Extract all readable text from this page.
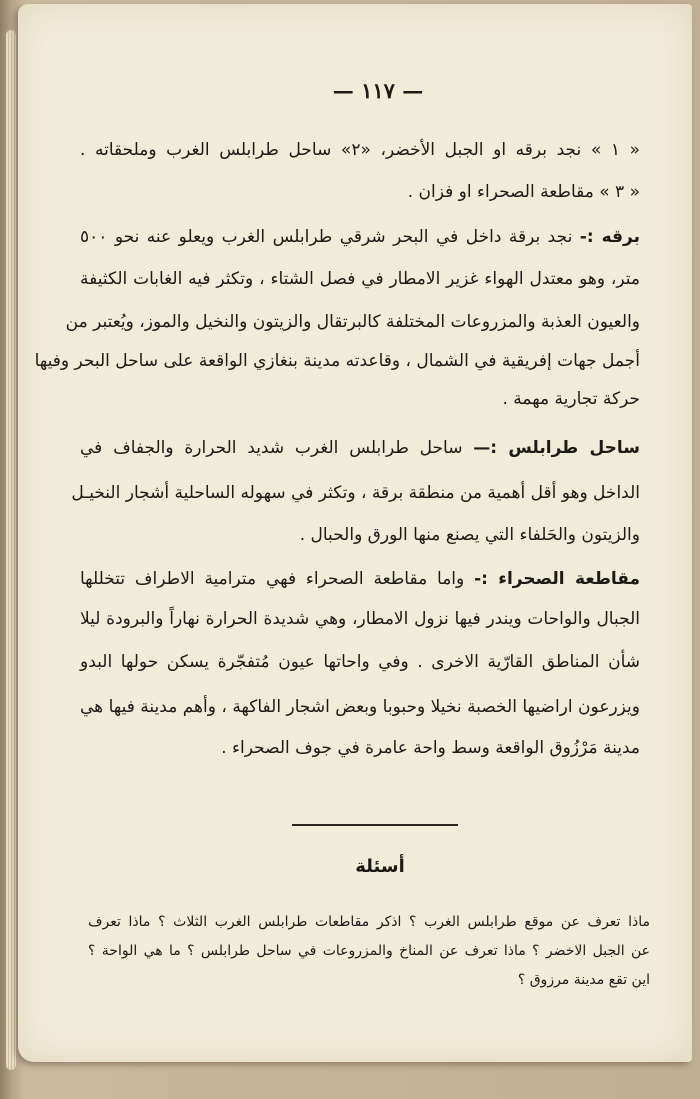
— ١١٧ —
« ١ » نجد برقه او الجبل الأخضر، «٢» ساحل طرابلس الغرب وملحقاته .
« ٣ » مقاطعة الصحراء او فزان .
برقه :- نجد برقة داخل في البحر شرقي طرابلس الغرب ويعلو عنه نحو ٥٠٠
متر، وهو معتدل الهواء غزير الامطار في فصل الشتاء ، وتكثر فيه الغابات الكثيفة
والعيون العذبة والمزروعات المختلفة كالبرتقال والزيتون والنخيل والموز، ويُعتبر من
أجمل جهات إفريقية في الشمال ، وقاعدته مدينة بنغازي الواقعة على ساحل البحر وفيها
حركة تجارية مهمة .
ساحل طرابلس :— ساحل طرابلس الغرب شديد الحرارة والجفاف في
الداخل وهو أقل أهمية من منطقة برقة ، وتكثر في سهوله الساحلية أشجار النخيـل
والزيتون والحَلفاء التي يصنع منها الورق والحبال .
مقاطعة الصحراء :- واما مقاطعة الصحراء فهي مترامية الاطراف تتخللها
الجبال والواحات ويندر فيها نزول الامطار، وهي شديدة الحرارة نهاراً والبرودة ليلا
شأن المناطق القارّية الاخرى . وفي واحاتها عيون مُتفجّرة يسكن حولها البدو
ويزرعون اراضيها الخصبة نخيلا وحبوبا وبعض اشجار الفاكهة ، وأهم مدينة فيها هي
مدينة مَرْزُوق الواقعة وسط واحة عامرة في جوف الصحراء .
أسئلة
ماذا تعرف عن موقع طرابلس الغرب ؟ اذكر مقاطعات طرابلس الغرب الثلاث ؟ ماذا تعرف
عن الجبل الاخضر ؟ ماذا تعرف عن المناخ والمزروعات في ساحل طرابلس ؟ ما هي الواحة ؟
اين تقع مدينة مرزوق ؟
